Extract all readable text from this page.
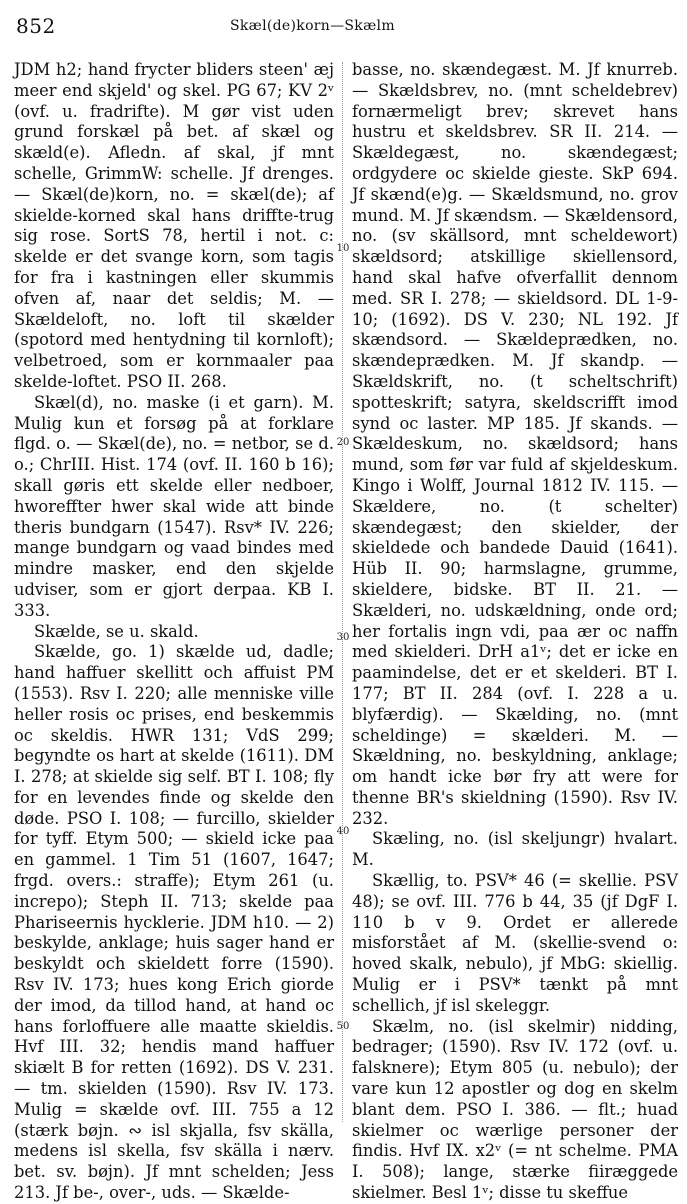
852	Skæl(de)korn—Skælm

JDM h2; hand frycter bliders steen' æj meer end skjeld' og skel. PG 67; KV 2ᵛ (ovf. u. fradrifte). M gør vist uden grund forskæl på bet. af skæl og skæld(e). Afledn. af skal, jf mnt schelle, GrimmW: schelle. Jf drenges. — Skæl(de)korn, no. = skæl(de); af skielde-korned skal hans driffte-trug sig rose. SortS 78, hertil i not. c: skelde er det svange korn, som tagis for fra i kastningen eller skummis ofven af, naar det seldis; M. — Skældeloft, no. loft til skælder (spotord med hentydning til kornloft); velbetroed, som er kornmaaler paa skelde-loftet. PSO II. 268.

Skæl(d), no. maske (i et garn). M. Mulig kun et forsøg på at forklare flgd. o. — Skæl(de), no. = netbor, se d. o.; ChrIII. Hist. 174 (ovf. II. 160 b 16); skall gøris ett skelde eller nedboer, hworeffter hwer skal wide att binde theris bundgarn (1547). Rsv* IV. 226; mange bundgarn og vaad bindes med mindre masker, end den skjelde udviser, som er gjort derpaa. KB I. 333.

Skælde, se u. skald.

Skælde, go. 1) skælde ud, dadle; hand haffuer skellitt och affuist PM (1553). Rsv I. 220; alle menniske ville heller rosis oc prises, end beskemmis oc skeldis. HWR 131; VdS 299; begyndte os hart at skelde (1611). DM I. 278; at skielde sig self. BT I. 108; fly for en levendes finde og skelde den døde. PSO I. 108; — furcillo, skielder for tyff. Etym 500; — skield icke paa en gammel. 1 Tim 51 (1607, 1647; frgd. overs.: straffe); Etym 261 (u. increpo); Steph II. 713; skelde paa Phariseernis hycklerie. JDM h10. — 2) beskylde, anklage; huis sager hand er beskyldt och skieldett forre (1590). Rsv IV. 173; hues kong Erich giorde der imod, da tillod hand, at hand oc hans forloffuere alle maatte skieldis. Hvf III. 32; hendis mand haffuer skiælt B for retten (1692). DS V. 231. — tm. skielden (1590). Rsv IV. 173. Mulig = skælde ovf. III. 755 a 12 (stærk bøjn. ∾ isl skjalla, fsv skälla, medens isl skella, fsv skälla i nærv. bet. sv. bøjn). Jf mnt schelden; Jess 213. Jf be-, over-, uds. — Skælde-

10
20
30
40
50

basse, no. skændegæst. M. Jf knurreb. — Skældsbrev, no. (mnt scheldebrev) fornærmeligt brev; skrevet hans hustru et skeldsbrev. SR II. 214. — Skældegæst, no. skændegæst; ordgydere oc skielde gieste. SkP 694. Jf skænd(e)g. — Skældsmund, no. grov mund. M. Jf skændsm. — Skældensord, no. (sv skällsord, mnt scheldewort) skældsord; atskillige skiellensord, hand skal hafve ofverfallit dennom med. SR I. 278; — skieldsord. DL 1-9-10; (1692). DS V. 230; NL 192. Jf skændsord. — Skældeprædken, no. skændeprædken. M. Jf skandp. — Skældskrift, no. (t scheltschrift) spotteskrift; satyra, skeldscrifft imod synd oc laster. MP 185. Jf skands. — Skældeskum, no. skældsord; hans mund, som før var fuld af skjeldeskum. Kingo i Wolff, Journal 1812 IV. 115. — Skældere, no. (t schelter) skændegæst; den skielder, der skieldede och bandede Dauid (1641). Hüb II. 90; harmslagne, grumme, skieldere, bidske. BT II. 21. — Skælderi, no. udskældning, onde ord; her fortalis ingn vdi, paa ær oc naffn med skielderi. DrH a1ᵛ; det er icke en paamindelse, det er et skelderi. BT I. 177; BT II. 284 (ovf. I. 228 a u. blyfærdig). — Skælding, no. (mnt scheldinge) = skælderi. M. — Skældning, no. beskyldning, anklage; om handt icke bør fry att were for thenne BR's skieldning (1590). Rsv IV. 232.

Skæling, no. (isl skeljungr) hvalart. M.

Skællig, to. PSV* 46 (= skellie. PSV 48); se ovf. III. 776 b 44, 35 (jf DgF I. 110 b v 9. Ordet er allerede misforstået af M. (skellie-svend o: hoved skalk, nebulo), jf MbG: skiellig. Mulig er i PSV* tænkt på mnt schellich, jf isl skeleggr.

Skælm, no. (isl skelmir) nidding, bedrager; (1590). Rsv IV. 172 (ovf. u. falsknere); Etym 805 (u. nebulo); der vare kun 12 apostler og dog en skelm blant dem. PSO I. 386. — flt.; huad skielmer oc wærlige personer der findis. Hvf IX. x2ᵛ (= nt schelme. PMA I. 508); lange, stærke fiiræggede skielmer. Besl 1ᵛ; disse tu skeffue
